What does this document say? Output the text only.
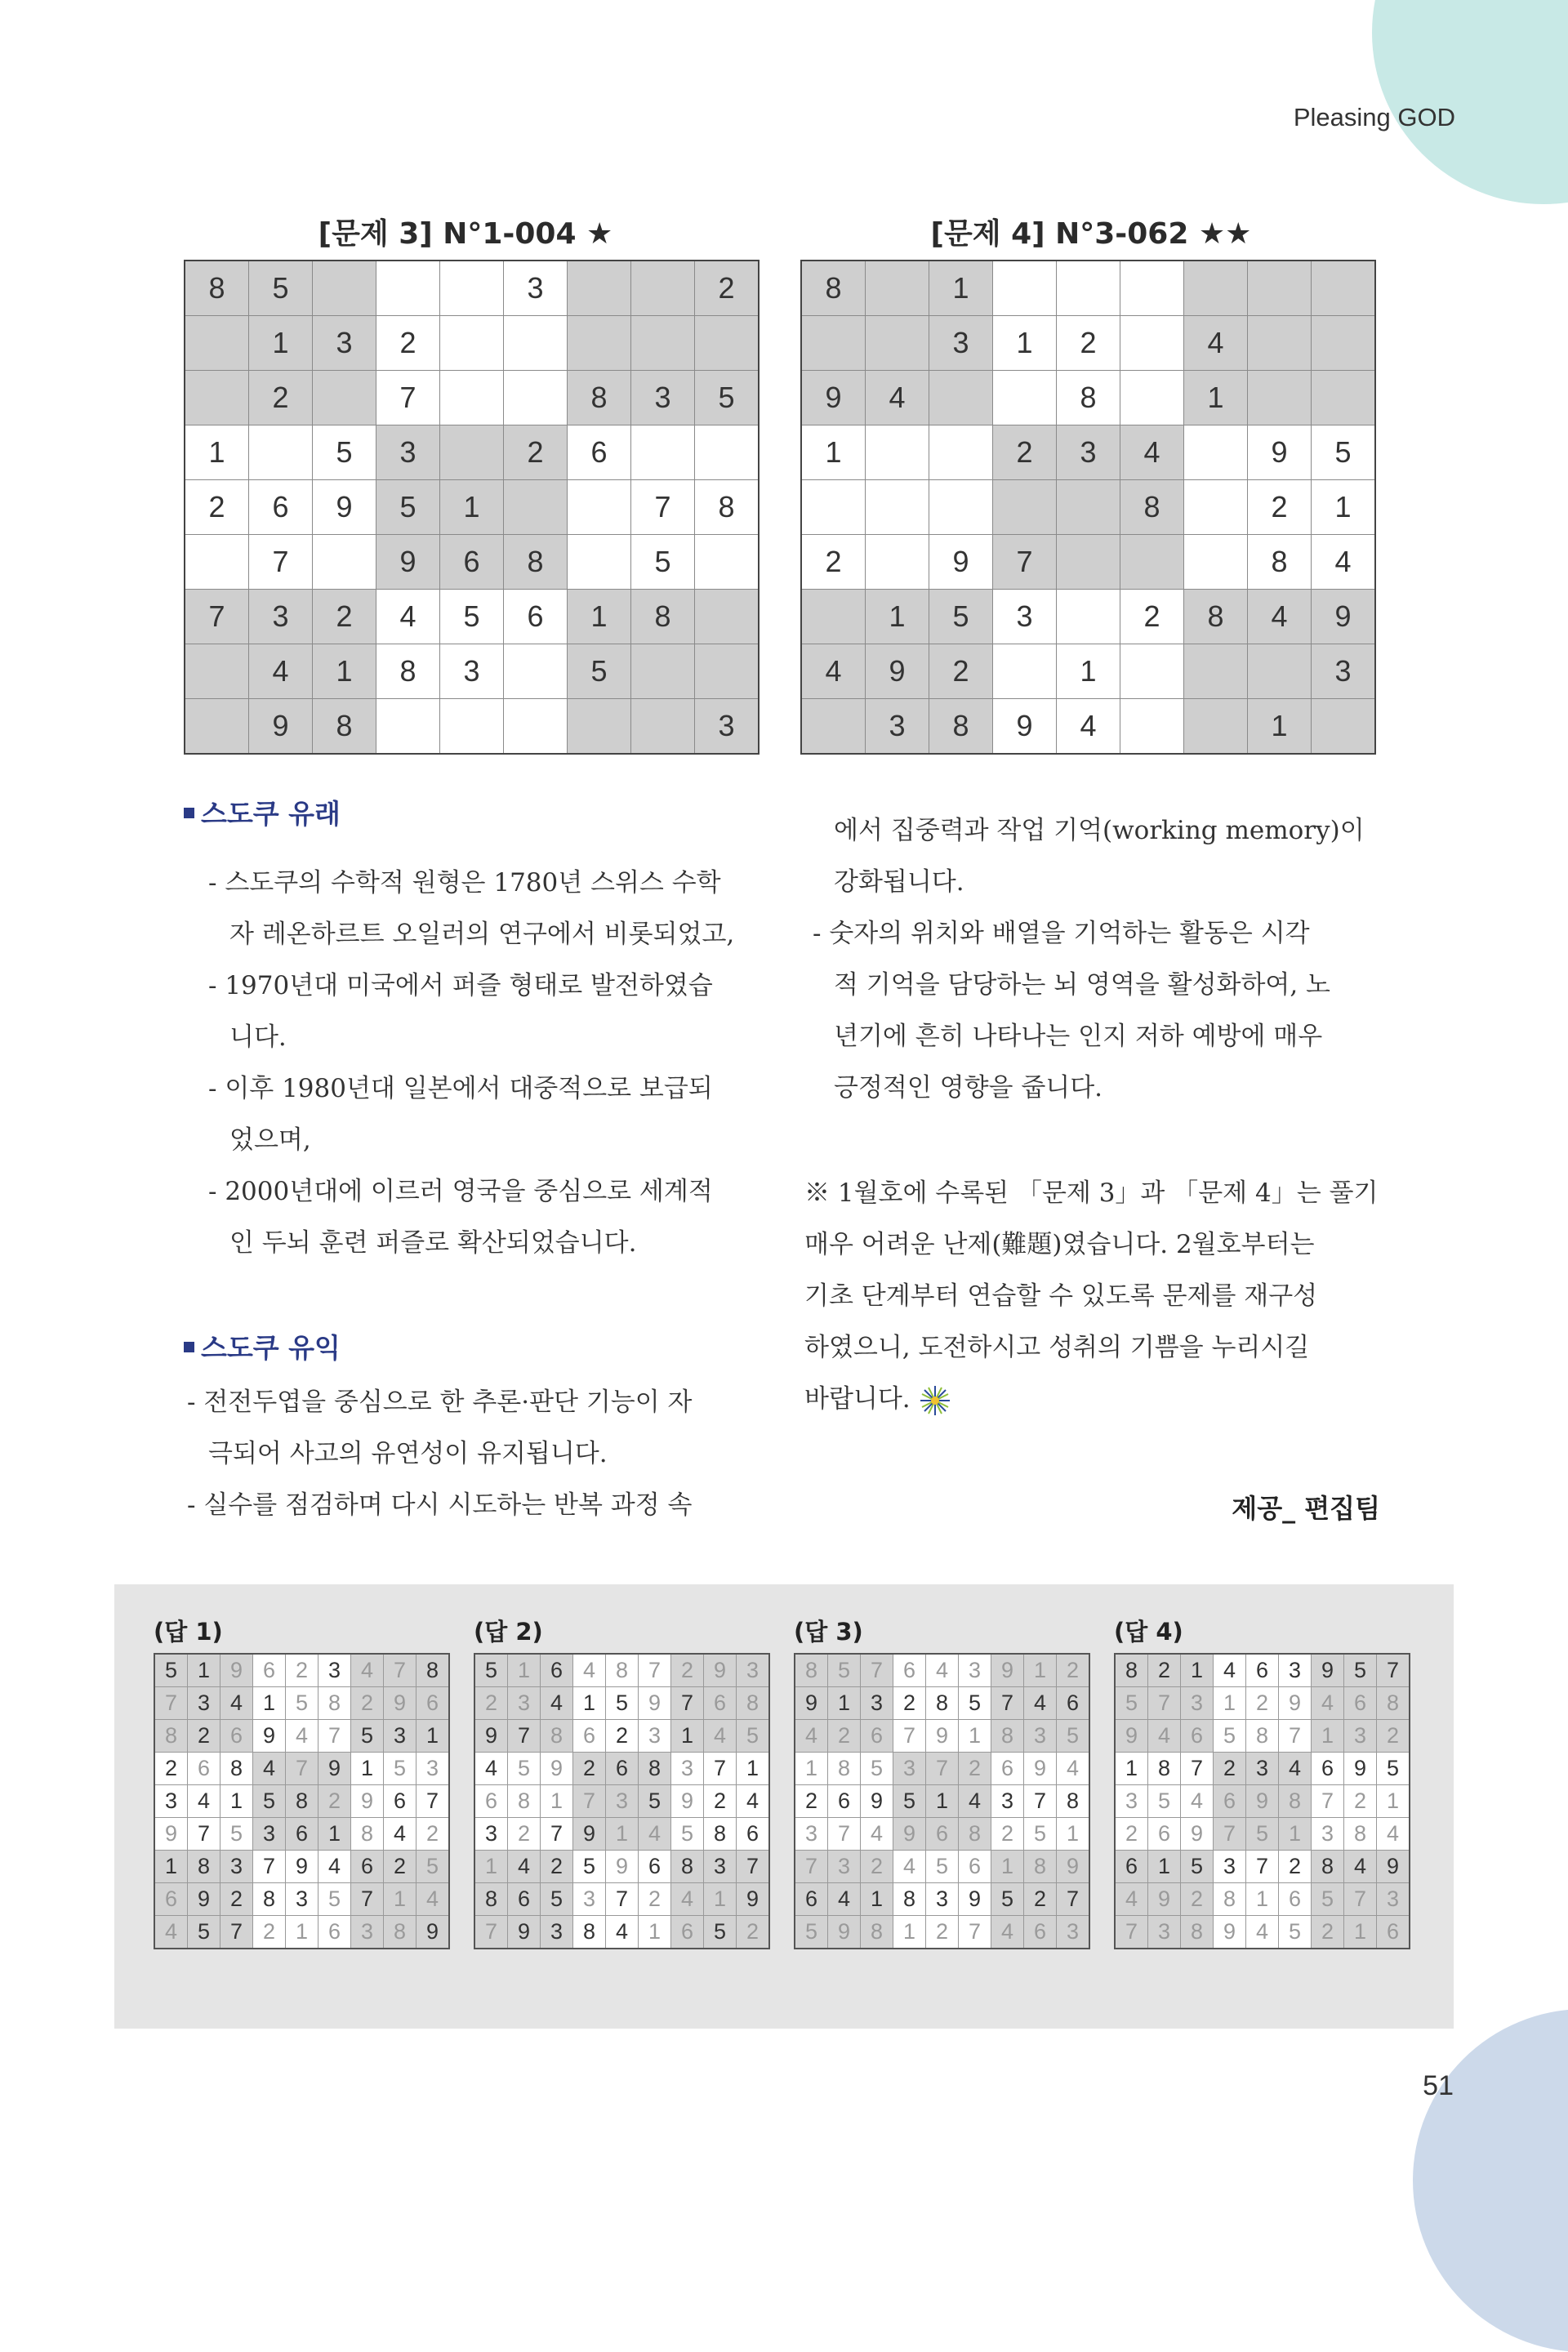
Pleasing GOD
[문제 3] N°1-004 ★
8	5				3			2
	1	3	2					
	2		7			8	3	5
1		5	3		2	6		
2	6	9	5	1			7	8
	7		9	6	8		5	
7	3	2	4	5	6	1	8	
	4	1	8	3		5		
	9	8						3
[문제 4] N°3-062 ★★
8		1						
		3	1	2		4		
9	4			8		1		
1			2	3	4		9	5
					8		2	1
2		9	7				8	4
	1	5	3		2	8	4	9
4	9	2		1				3
	3	8	9	4			1	
스도쿠 유래
- 스도쿠의 수학적 원형은 1780년 스위스 수학
자 레온하르트 오일러의 연구에서 비롯되었고,
- 1970년대 미국에서 퍼즐 형태로 발전하였습
니다.
- 이후 1980년대 일본에서 대중적으로 보급되
었으며,
- 2000년대에 이르러 영국을 중심으로 세계적
인 두뇌 훈련 퍼즐로 확산되었습니다.
스도쿠 유익
- 전전두엽을 중심으로 한 추론·판단 기능이 자
극되어 사고의 유연성이 유지됩니다.
- 실수를 점검하며 다시 시도하는 반복 과정 속
에서 집중력과 작업 기억(working memory)이
강화됩니다.
- 숫자의 위치와 배열을 기억하는 활동은 시각
적 기억을 담당하는 뇌 영역을 활성화하여, 노
년기에 흔히 나타나는 인지 저하 예방에 매우
긍정적인 영향을 줍니다.
※ 1월호에 수록된 「문제 3」과 「문제 4」는 풀기
매우 어려운 난제(難題)였습니다. 2월호부터는
기초 단계부터 연습할 수 있도록 문제를 재구성
하였으니, 도전하시고 성취의 기쁨을 누리시길
바랍니다.
제공_ 편집팀
(답 1)
5	1	9	6	2	3	4	7	8
7	3	4	1	5	8	2	9	6
8	2	6	9	4	7	5	3	1
2	6	8	4	7	9	1	5	3
3	4	1	5	8	2	9	6	7
9	7	5	3	6	1	8	4	2
1	8	3	7	9	4	6	2	5
6	9	2	8	3	5	7	1	4
4	5	7	2	1	6	3	8	9
(답 2)
5	1	6	4	8	7	2	9	3
2	3	4	1	5	9	7	6	8
9	7	8	6	2	3	1	4	5
4	5	9	2	6	8	3	7	1
6	8	1	7	3	5	9	2	4
3	2	7	9	1	4	5	8	6
1	4	2	5	9	6	8	3	7
8	6	5	3	7	2	4	1	9
7	9	3	8	4	1	6	5	2
(답 3)
8	5	7	6	4	3	9	1	2
9	1	3	2	8	5	7	4	6
4	2	6	7	9	1	8	3	5
1	8	5	3	7	2	6	9	4
2	6	9	5	1	4	3	7	8
3	7	4	9	6	8	2	5	1
7	3	2	4	5	6	1	8	9
6	4	1	8	3	9	5	2	7
5	9	8	1	2	7	4	6	3
(답 4)
8	2	1	4	6	3	9	5	7
5	7	3	1	2	9	4	6	8
9	4	6	5	8	7	1	3	2
1	8	7	2	3	4	6	9	5
3	5	4	6	9	8	7	2	1
2	6	9	7	5	1	3	8	4
6	1	5	3	7	2	8	4	9
4	9	2	8	1	6	5	7	3
7	3	8	9	4	5	2	1	6
51
